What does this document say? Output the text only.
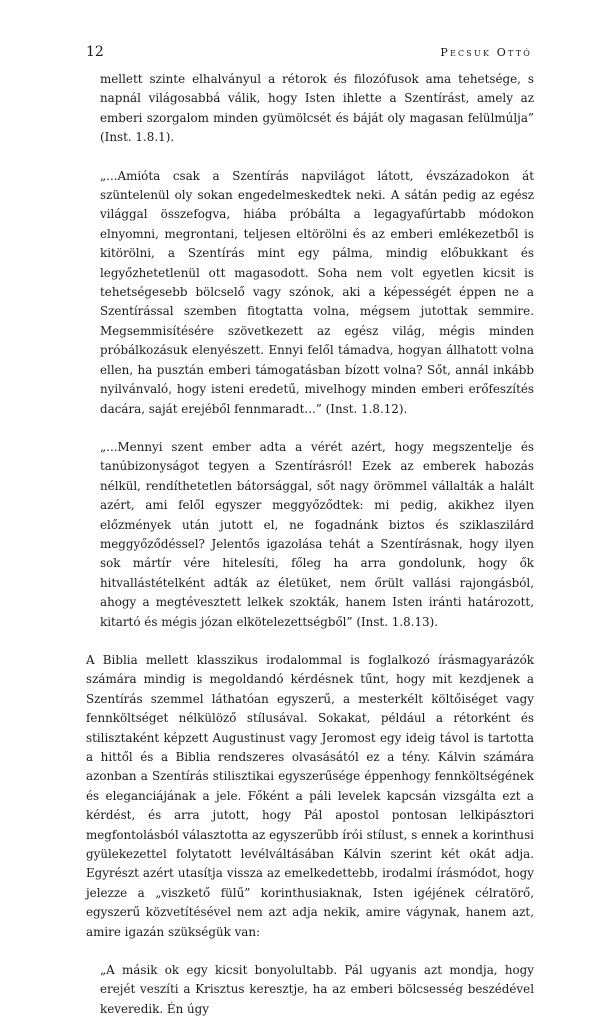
12	Pecsuk Ottó

mellett szinte elhalványul a rétorok és filozófusok ama tehetsége, s napnál világosabbá válik, hogy Isten ihlette a Szentírást, amely az emberi szorgalom minden gyümölcsét és báját oly magasan felülmúlja” (Inst. 1.8.1).

„...Amióta csak a Szentírás napvilágot látott, évszázadokon át szüntelenül oly sokan engedelmeskedtek neki. A sátán pedig az egész világgal összefogva, hiába próbálta a legagyafúrtabb módokon elnyomni, megrontani, teljesen eltörölni és az emberi emlékezetből is kitörölni, a Szentírás mint egy pálma, mindig előbukkant és legyőzhetetlenül ott magasodott. Soha nem volt egyetlen kicsit is tehetségesebb bölcselő vagy szónok, aki a képességét éppen ne a Szentírással szemben fitogtatta volna, mégsem jutottak semmire. Megsemmisítésére szövetkezett az egész világ, mégis minden próbálkozásuk elenyészett. Ennyi felől támadva, hogyan állhatott volna ellen, ha pusztán emberi támogatásban bízott volna? Sőt, annál inkább nyilvánvaló, hogy isteni eredetű, mivelhogy minden emberi erőfeszítés dacára, saját erejéből fennmaradt...” (Inst. 1.8.12).

„...Mennyi szent ember adta a vérét azért, hogy megszentelje és tanúbizonyságot tegyen a Szentírásról! Ezek az emberek habozás nélkül, rendíthetetlen bátorsággal, sőt nagy örömmel vállalták a halált azért, ami felől egyszer meggyőződtek: mi pedig, akikhez ilyen előzmények után jutott el, ne fogadnánk biztos és sziklaszilárd meggyőződéssel? Jelentős igazolása tehát a Szentírásnak, hogy ilyen sok mártír vére hitelesíti, főleg ha arra gondolunk, hogy ők hitvallástételként adták az életüket, nem őrült vallási rajongásból, ahogy a megtévesztett lelkek szokták, hanem Isten iránti határozott, kitartó és mégis józan elkötelezettségből” (Inst. 1.8.13).

A Biblia mellett klasszikus irodalommal is foglalkozó írásmagyarázók számára mindig is megoldandó kérdésnek tűnt, hogy mit kezdjenek a Szentírás szemmel láthatóan egyszerű, a mesterkélt költőiséget vagy fennköltséget nélkülöző stílusával. Sokakat, például a rétorként és stilisztaként képzett Augustinust vagy Jeromost egy ideig távol is tartotta a hittől és a Biblia rendszeres olvasásától ez a tény. Kálvin számára azonban a Szentírás stilisztikai egyszerűsége éppenhogy fennköltségének és eleganciájának a jele. Főként a páli levelek kapcsán vizsgálta ezt a kérdést, és arra jutott, hogy Pál apostol pontosan lelkipásztori megfontolásból választotta az egyszerűbb írói stílust, s ennek a korinthusi gyülekezettel folytatott levélváltásában Kálvin szerint két okát adja. Egyrészt azért utasítja vissza az emelkedettebb, irodalmi írásmódot, hogy jelezze a „viszkető fülű” korinthusiaknak, Isten igéjének célratörő, egyszerű közvetítésével nem azt adja nekik, amire vágynak, hanem azt, amire igazán szükségük van:

„A másik ok egy kicsit bonyolultabb. Pál ugyanis azt mondja, hogy erejét veszíti a Krisztus keresztje, ha az emberi bölcsesség beszédével keveredik. Én úgy
